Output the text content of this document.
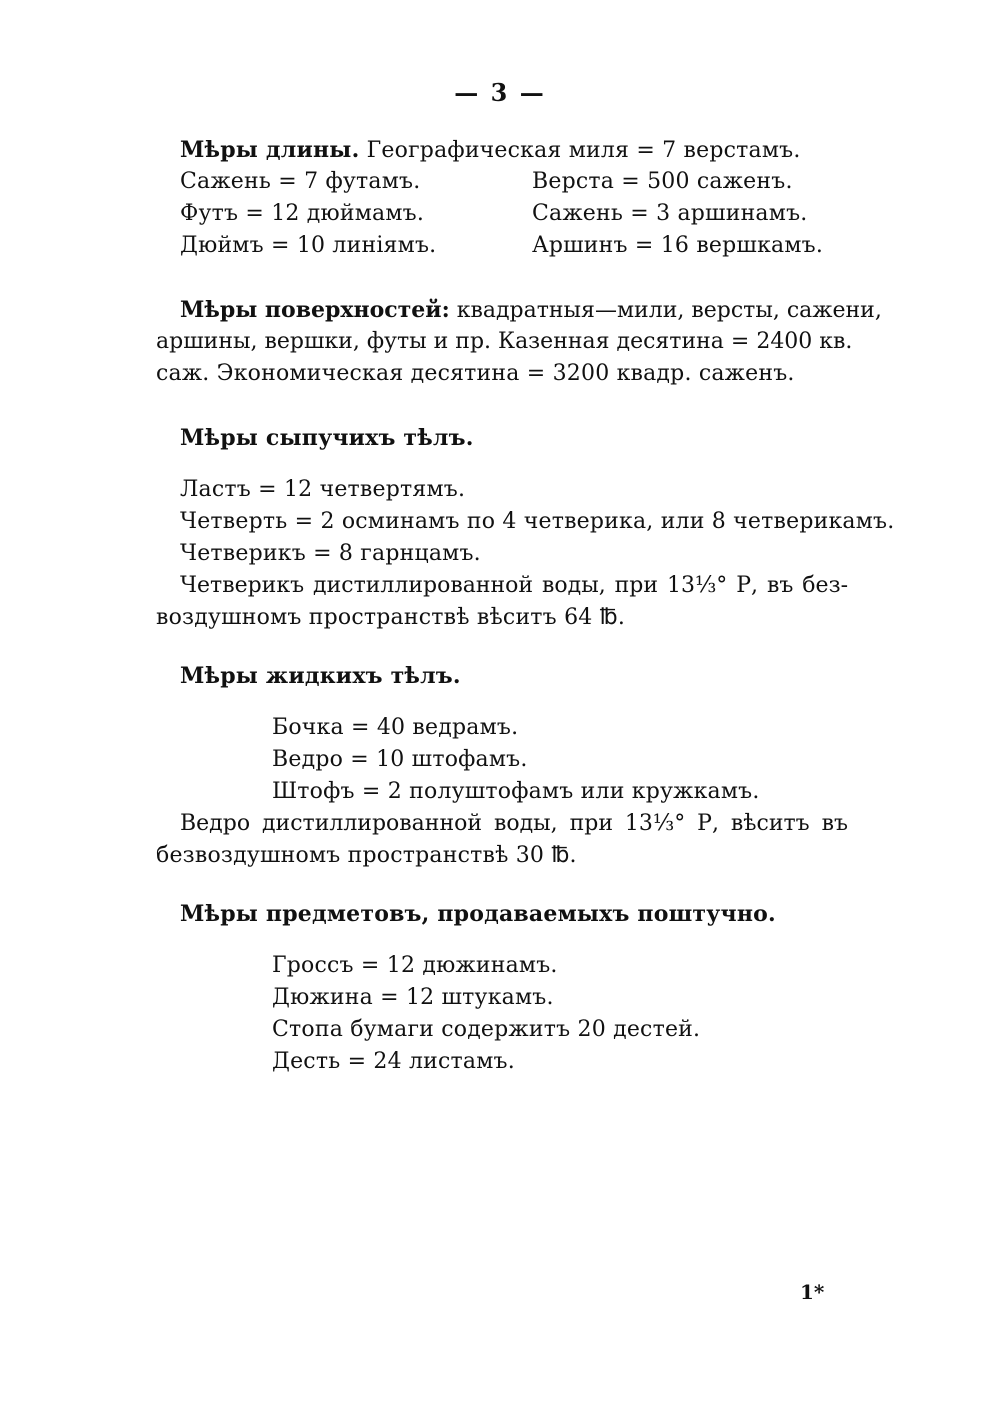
— 3 —
Мѣры длины. Географическая миля = 7 верстамъ.
Сажень = 7 футамъ.	Верста = 500 саженъ.
Футъ = 12 дюймамъ.	Сажень = 3 аршинамъ.
Дюймъ = 10 линіямъ.	Аршинъ = 16 вершкамъ.
Мѣры поверхностей: квадратныя—мили, версты, сажени,
аршины, вершки, футы и пр. Казенная десятина = 2400 кв.
саж. Экономическая десятина = 3200 квадр. саженъ.
Мѣры сыпучихъ тѣлъ.
Ластъ = 12 четвертямъ.
Четверть = 2 осминамъ по 4 четверика, или 8 четверикамъ.
Четверикъ = 8 гарнцамъ.
Четверикъ дистиллированной воды, при 13⅓° Р, въ без-
воздушномъ пространствѣ вѣситъ 64 ℔.
Мѣры жидкихъ тѣлъ.
Бочка = 40 ведрамъ.
Ведро = 10 штофамъ.
Штофъ = 2 полуштофамъ или кружкамъ.
Ведро дистиллированной воды, при 13⅓° Р, вѣситъ въ
безвоздушномъ пространствѣ 30 ℔.
Мѣры предметовъ, продаваемыхъ поштучно.
Гроссъ = 12 дюжинамъ.
Дюжина = 12 штукамъ.
Стопа бумаги содержитъ 20 дестей.
Десть = 24 листамъ.
1*
